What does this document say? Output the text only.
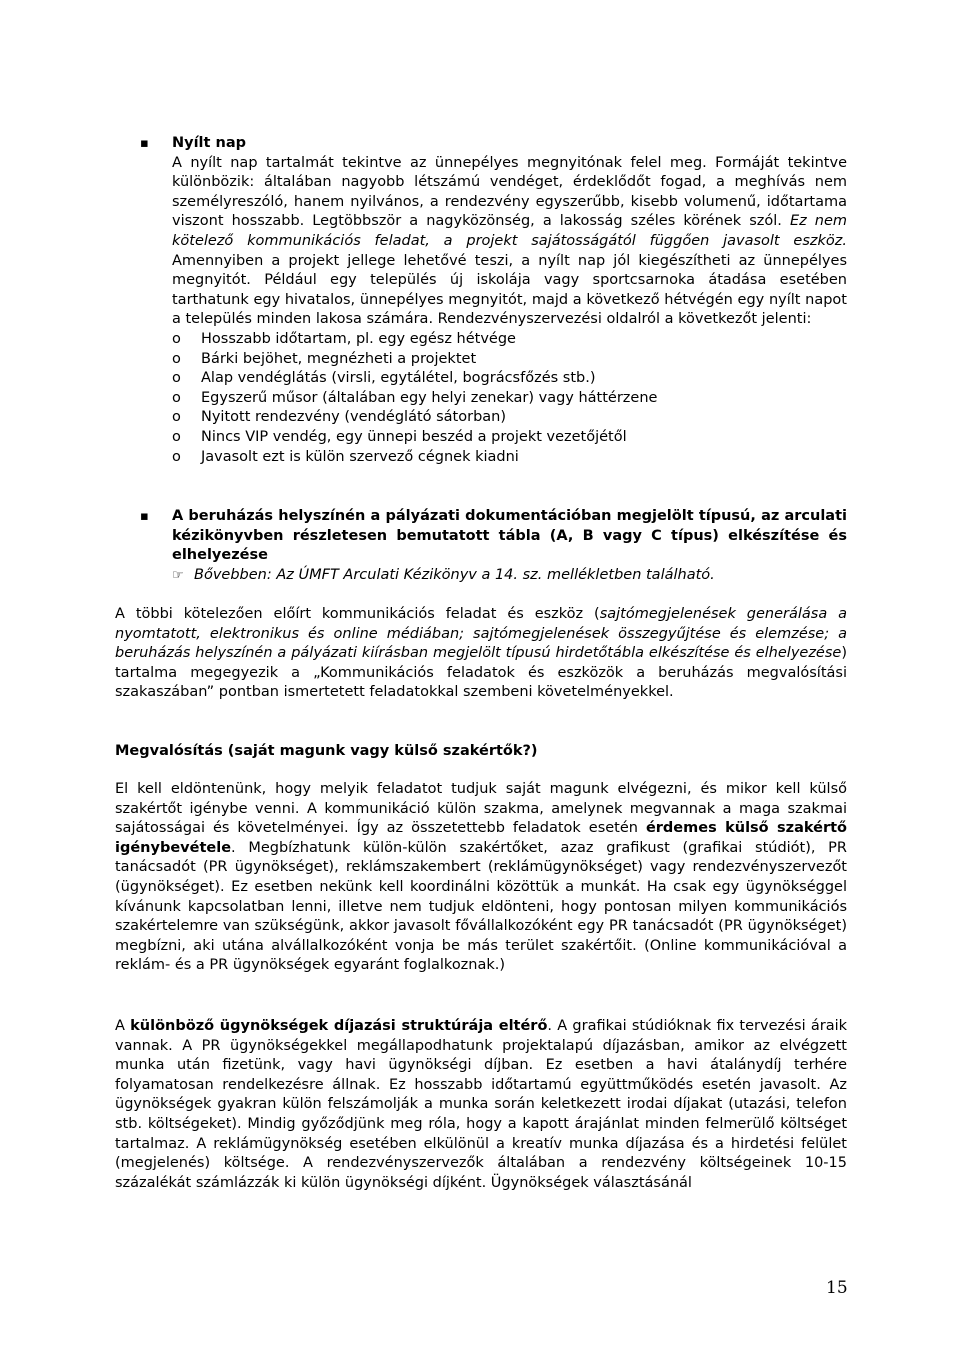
▪ Nyílt nap
A nyílt nap tartalmát tekintve az ünnepélyes megnyitónak felel meg. Formáját tekintve különbözik: általában nagyobb létszámú vendéget, érdeklődőt fogad, a meghívás nem személyreszóló, hanem nyilvános, a rendezvény egyszerűbb, kisebb volumenű, időtartama viszont hosszabb. Legtöbbször a nagyközönség, a lakosság széles körének szól. Ez nem kötelező kommunikációs feladat, a projekt sajátosságától függően javasolt eszköz. Amennyiben a projekt jellege lehetővé teszi, a nyílt nap jól kiegészítheti az ünnepélyes megnyitót. Például egy település új iskolája vagy sportcsarnoka átadása esetében tarthatunk egy hivatalos, ünnepélyes megnyitót, majd a következő hétvégén egy nyílt napot a település minden lakosa számára. Rendezvényszervezési oldalról a következőt jelenti:
o Hosszabb időtartam, pl. egy egész hétvége
o Bárki bejöhet, megnézheti a projektet
o Alap vendéglátás (virsli, egytálétel, bográcsfőzés stb.)
o Egyszerű műsor (általában egy helyi zenekar) vagy háttérzene
o Nyitott rendezvény (vendéglátó sátorban)
o Nincs VIP vendég, egy ünnepi beszéd a projekt vezetőjétől
o Javasolt ezt is külön szervező cégnek kiadni
▪ A beruházás helyszínén a pályázati dokumentációban megjelölt típusú, az arculati kézikönyvben részletesen bemutatott tábla (A, B vagy C típus) elkészítése és elhelyezése
☞ Bővebben: Az ÚMFT Arculati Kézikönyv a 14. sz. mellékletben található.
A többi kötelezően előírt kommunikációs feladat és eszköz (sajtómegjelenések generálása a nyomtatott, elektronikus és online médiában; sajtómegjelenések összegyűjtése és elemzése; a beruházás helyszínén a pályázati kiírásban megjelölt típusú hirdetőtábla elkészítése és elhelyezése) tartalma megegyezik a „Kommunikációs feladatok és eszközök a beruházás megvalósítási szakaszában” pontban ismertetett feladatokkal szembeni követelményekkel.
Megvalósítás (saját magunk vagy külső szakértők?)
El kell eldöntenünk, hogy melyik feladatot tudjuk saját magunk elvégezni, és mikor kell külső szakértőt igénybe venni. A kommunikáció külön szakma, amelynek megvannak a maga szakmai sajátosságai és követelményei. Így az összetettebb feladatok esetén érdemes külső szakértő igénybevétele. Megbízhatunk külön-külön szakértőket, azaz grafikust (grafikai stúdiót), PR tanácsadót (PR ügynökséget), reklámszakembert (reklámügynökséget) vagy rendezvényszervezőt (ügynökséget). Ez esetben nekünk kell koordinálni közöttük a munkát. Ha csak egy ügynökséggel kívánunk kapcsolatban lenni, illetve nem tudjuk eldönteni, hogy pontosan milyen kommunikációs szakértelemre van szükségünk, akkor javasolt fővállalkozóként egy PR tanácsadót (PR ügynökséget) megbízni, aki utána alvállalkozóként vonja be más terület szakértőit. (Online kommunikációval a reklám- és a PR ügynökségek egyaránt foglalkoznak.)
A különböző ügynökségek díjazási struktúrája eltérő. A grafikai stúdióknak fix tervezési áraik vannak. A PR ügynökségekkel megállapodhatunk projektalapú díjazásban, amikor az elvégzett munka után fizetünk, vagy havi ügynökségi díjban. Ez esetben a havi átalánydíj terhére folyamatosan rendelkezésre állnak. Ez hosszabb időtartamú együttműködés esetén javasolt. Az ügynökségek gyakran külön felszámolják a munka során keletkezett irodai díjakat (utazási, telefon stb. költségeket). Mindig győződjünk meg róla, hogy a kapott árajánlat minden felmerülő költséget tartalmaz. A reklámügynökség esetében elkülönül a kreatív munka díjazása és a hirdetési felület (megjelenés) költsége. A rendezvényszervezők általában a rendezvény költségeinek 10-15 százalékát számlázzák ki külön ügynökségi díjként. Ügynökségek választásánál
15
